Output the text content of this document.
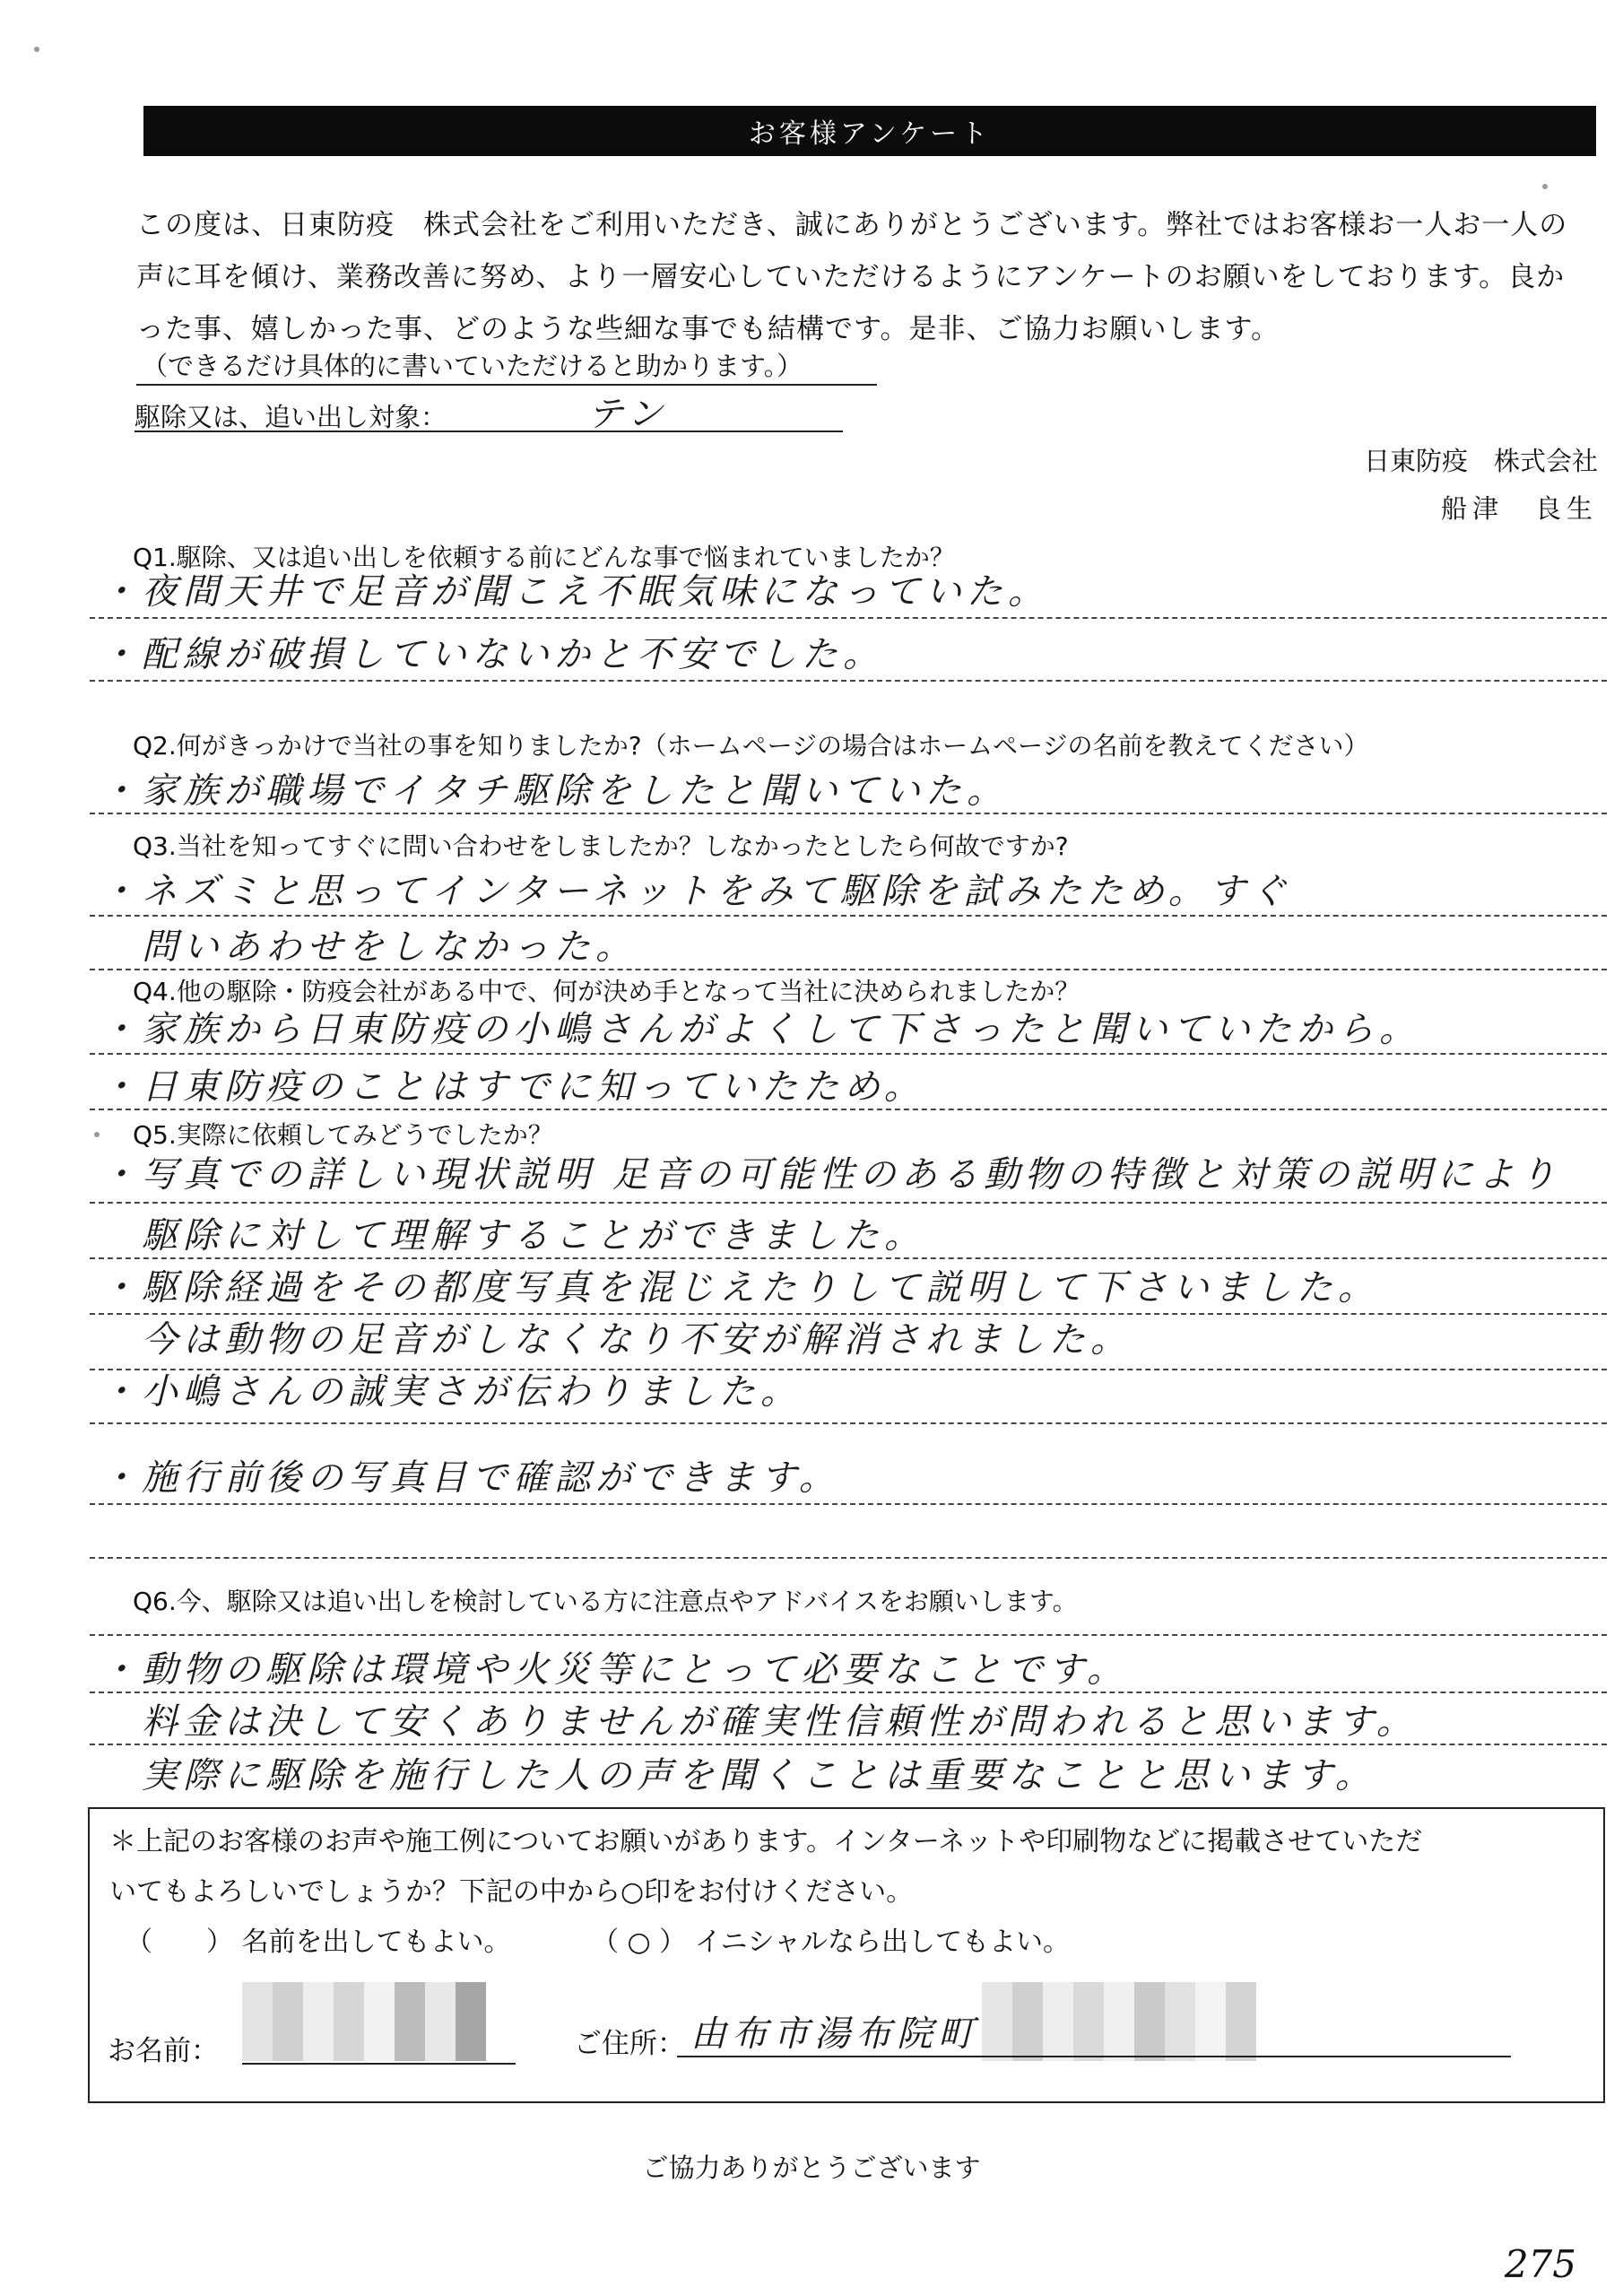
お客様アンケート
この度は、日東防疫　株式会社をご利用いただき、誠にありがとうございます。弊社ではお客様お一人お一人の
声に耳を傾け、業務改善に努め、より一層安心していただけるようにアンケートのお願いをしております。良か
った事、嬉しかった事、どのような些細な事でも結構です。是非、ご協力お願いします。
（できるだけ具体的に書いていただけると助かります。）
駆除又は、追い出し対象：	テン
日東防疫　株式会社
船津　良生
Q1.駆除、又は追い出しを依頼する前にどんな事で悩まれていましたか？
・夜間天井で足音が聞こえ不眠気味になっていた。
・配線が破損していないかと不安でした。
Q2.何がきっかけで当社の事を知りましたか?（ホームページの場合はホームページの名前を教えてください）
・家族が職場でイタチ駆除をしたと聞いていた。
Q3.当社を知ってすぐに問い合わせをしましたか？しなかったとしたら何故ですか?
・ネズミと思ってインターネットをみて駆除を試みたため。すぐ
　問いあわせをしなかった。
Q4.他の駆除・防疫会社がある中で、何が決め手となって当社に決められましたか？
・家族から日東防疫の小嶋さんがよくして下さったと聞いていたから。
・日東防疫のことはすでに知っていたため。
Q5.実際に依頼してみどうでしたか？
・写真での詳しい現状説明 足音の可能性のある動物の特徴と対策の説明により
　駆除に対して理解することができました。
・駆除経過をその都度写真を混じえたりして説明して下さいました。
　今は動物の足音がしなくなり不安が解消されました。
・小嶋さんの誠実さが伝わりました。
・施行前後の写真目で確認ができます。
Q6.今、駆除又は追い出しを検討している方に注意点やアドバイスをお願いします。
・動物の駆除は環境や火災等にとって必要なことです。
　料金は決して安くありませんが確実性信頼性が問われると思います。
　実際に駆除を施行した人の声を聞くことは重要なことと思います。
＊上記のお客様のお声や施工例についてお願いがあります。インターネットや印刷物などに掲載させていただ
いてもよろしいでしょうか？下記の中から○印をお付けください。
（　　） 名前を出してもよい。	（ ○ ） イニシャルなら出してもよい。
お名前：	ご住所： 由布市湯布院町
ご協力ありがとうございます
275
